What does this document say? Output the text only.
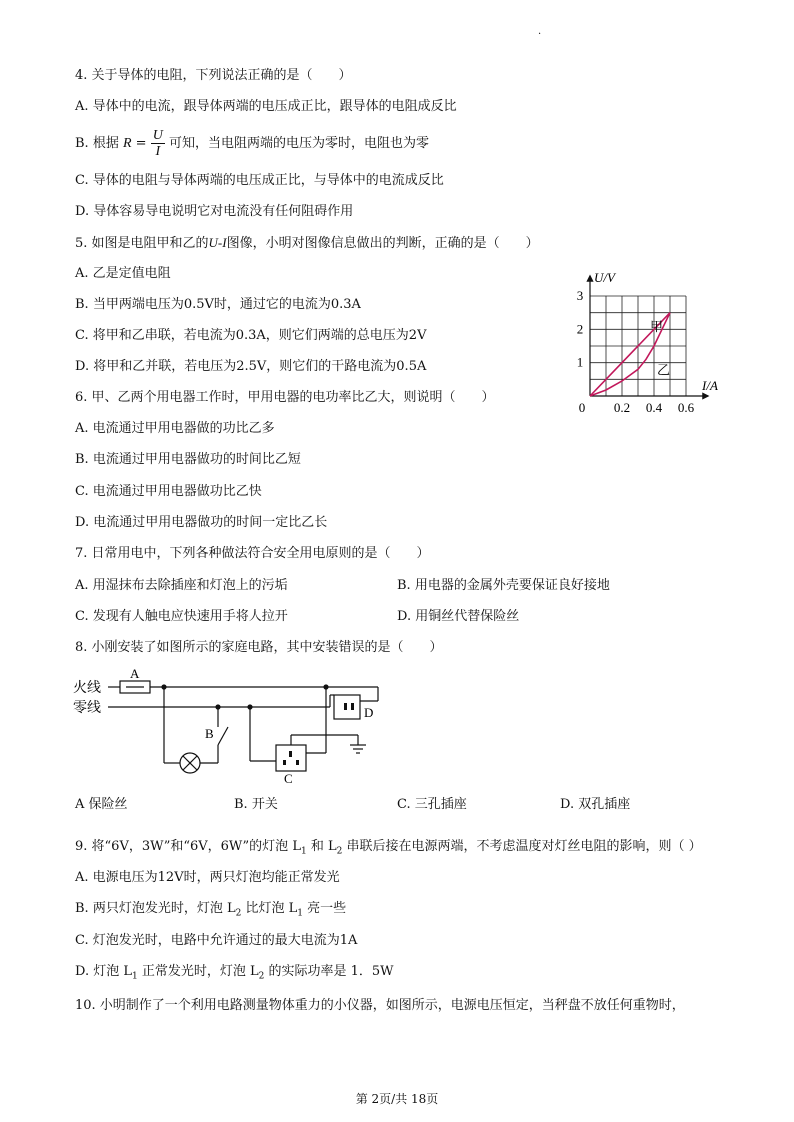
.
4. 关于导体的电阻，下列说法正确的是（　　）
A. 导体中的电流，跟导体两端的电压成正比，跟导体的电阻成反比
B. 根据 $R = \frac{U}{I}$ 可知，当电阻两端的电压为零时，电阻也为零
C. 导体的电阻与导体两端的电压成正比，与导体中的电流成反比
D. 导体容易导电说明它对电流没有任何阻碍作用
5. 如图是电阻甲和乙的U-I图像，小明对图像信息做出的判断，正确的是（　　）
A. 乙是定值电阻
B. 当甲两端电压为0.5V时，通过它的电流为0.3A
C. 将甲和乙串联，若电流为0.3A，则它们两端的总电压为2V
D. 将甲和乙并联，若电压为2.5V，则它们的干路电流为0.5A
0 0.2 0.4 0.6
1
2
3
I/A
U/V
甲
乙
6. 甲、乙两个用电器工作时，甲用电器的电功率比乙大，则说明（　　）
A. 电流通过甲用电器做的功比乙多
B. 电流通过甲用电器做功的时间比乙短
C. 电流通过甲用电器做功比乙快
D. 电流通过甲用电器做功的时间一定比乙长
7. 日常用电中，下列各种做法符合安全用电原则的是（　　）
A. 用湿抹布去除插座和灯泡上的污垢	B. 用电器的金属外壳要保证良好接地
C. 发现有人触电应快速用手将人拉开	D. 用铜丝代替保险丝
8. 小刚安装了如图所示的家庭电路，其中安装错误的是（　　）
火线
零线
A
B
C
D
A 保险丝	B. 开关	C. 三孔插座	D. 双孔插座
9. 将“6V，3W”和“6V，6W”的灯泡 $L_1$ 和 $L_2$ 串联后接在电源两端，不考虑温度对灯丝电阻的影响，则（ ）
A. 电源电压为12V时，两只灯泡均能正常发光
B. 两只灯泡发光时，灯泡 $L_2$ 比灯泡 $L_1$ 亮一些
C. 灯泡发光时，电路中允许通过的最大电流为1A
D. 灯泡 $L_1$ 正常发光时，灯泡 $L_2$ 的实际功率是 1．5W
10. 小明制作了一个利用电路测量物体重力的小仪器，如图所示，电源电压恒定，当秤盘不放任何重物时，
第 2页/共 18页
